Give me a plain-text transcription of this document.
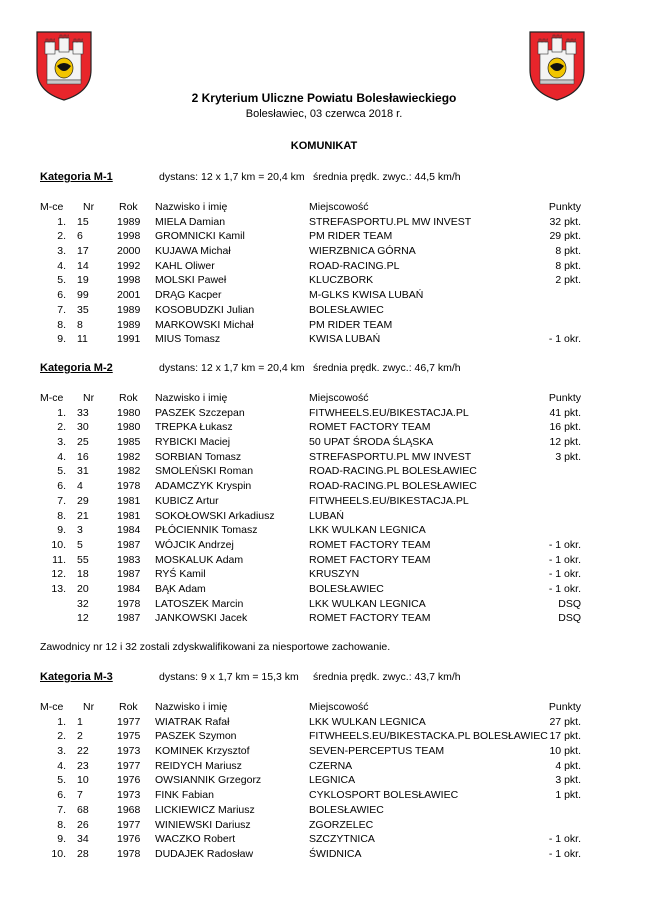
2 Kryterium Uliczne Powiatu Bolesławieckiego
Bolesławiec, 03 czerwca 2018 r.
KOMUNIKAT
Kategoria M-1	dystans: 12 x 1,7 km = 20,4 km średnia prędk. zwyc.: 44,5 km/h
M-ce Nr Rok Nazwisko i imię	Miejscowość	Punkty
1. 15	1989 MIELA Damian	STREFASPORTU.PL MW INVEST	32 pkt.
2. 6	1998 GROMNICKI Kamil	PM RIDER TEAM	29 pkt.
3. 17	2000 KUJAWA Michał	WIERZBNICA GÓRNA	8 pkt.
4. 14	1992 KAHL Oliwer	ROAD-RACING.PL	8 pkt.
5. 19	1998 MOLSKI Paweł	KLUCZBORK	2 pkt.
6. 99	2001 DRĄG Kacper	M-GLKS KWISA LUBAŃ
7. 35	1989 KOSOBUDZKI Julian	BOLESŁAWIEC
8. 8	1989 MARKOWSKI Michał	PM RIDER TEAM
9. 11	1991 MIUS Tomasz	KWISA LUBAŃ	- 1 okr.
Kategoria M-2	dystans: 12 x 1,7 km = 20,4 km średnia prędk. zwyc.: 46,7 km/h
M-ce Nr Rok Nazwisko i imię	Miejscowość	Punkty
1. 33	1980 PASZEK Szczepan	FITWHEELS.EU/BIKESTACJA.PL	41 pkt.
2. 30	1980 TREPKA Łukasz	ROMET FACTORY TEAM	16 pkt.
3. 25	1985 RYBICKI Maciej	50 UPAT ŚRODA ŚLĄSKA	12 pkt.
4. 16	1982 SORBIAN Tomasz	STREFASPORTU.PL MW INVEST	3 pkt.
5. 31	1982 SMOLEŃSKI Roman	ROAD-RACING.PL BOLESŁAWIEC
6. 4	1978 ADAMCZYK Kryspin	ROAD-RACING.PL BOLESŁAWIEC
7. 29	1981 KUBICZ Artur	FITWHEELS.EU/BIKESTACJA.PL
8. 21	1981 SOKOŁOWSKI Arkadiusz	LUBAŃ
9. 3	1984 PŁÓCIENNIK Tomasz	LKK WULKAN LEGNICA
10. 5	1987 WÓJCIK Andrzej	ROMET FACTORY TEAM	- 1 okr.
11. 55	1983 MOSKALUK Adam	ROMET FACTORY TEAM	- 1 okr.
12. 18	1987 RYŚ Kamil	KRUSZYN	- 1 okr.
13. 20	1984 BĄK Adam	BOLESŁAWIEC	- 1 okr.
32	1978 LATOSZEK Marcin	LKK WULKAN LEGNICA	DSQ
12	1987 JANKOWSKI Jacek	ROMET FACTORY TEAM	DSQ
Zawodnicy nr 12 i 32 zostali zdyskwalifikowani za niesportowe zachowanie.
Kategoria M-3	dystans: 9 x 1,7 km = 15,3 km średnia prędk. zwyc.: 43,7 km/h
M-ce Nr Rok Nazwisko i imię	Miejscowość	Punkty
1. 1	1977 WIATRAK Rafał	LKK WULKAN LEGNICA	27 pkt.
2. 2	1975 PASZEK Szymon	FITWHEELS.EU/BIKESTACKA.PL BOLESŁAWIEC 17 pkt.
3. 22	1973 KOMINEK Krzysztof	SEVEN-PERCEPTUS TEAM	10 pkt.
4. 23	1977 REIDYCH Mariusz	CZERNA	4 pkt.
5. 10	1976 OWSIANNIK Grzegorz	LEGNICA	3 pkt.
6. 7	1973 FINK Fabian	CYKLOSPORT BOLESŁAWIEC	1 pkt.
7. 68	1968 LICKIEWICZ Mariusz	BOLESŁAWIEC
8. 26	1977 WINIEWSKI Dariusz	ZGORZELEC
9. 34	1976 WACZKO Robert	SZCZYTNICA	- 1 okr.
10. 28	1978 DUDAJEK Radosław	ŚWIDNICA	- 1 okr.
